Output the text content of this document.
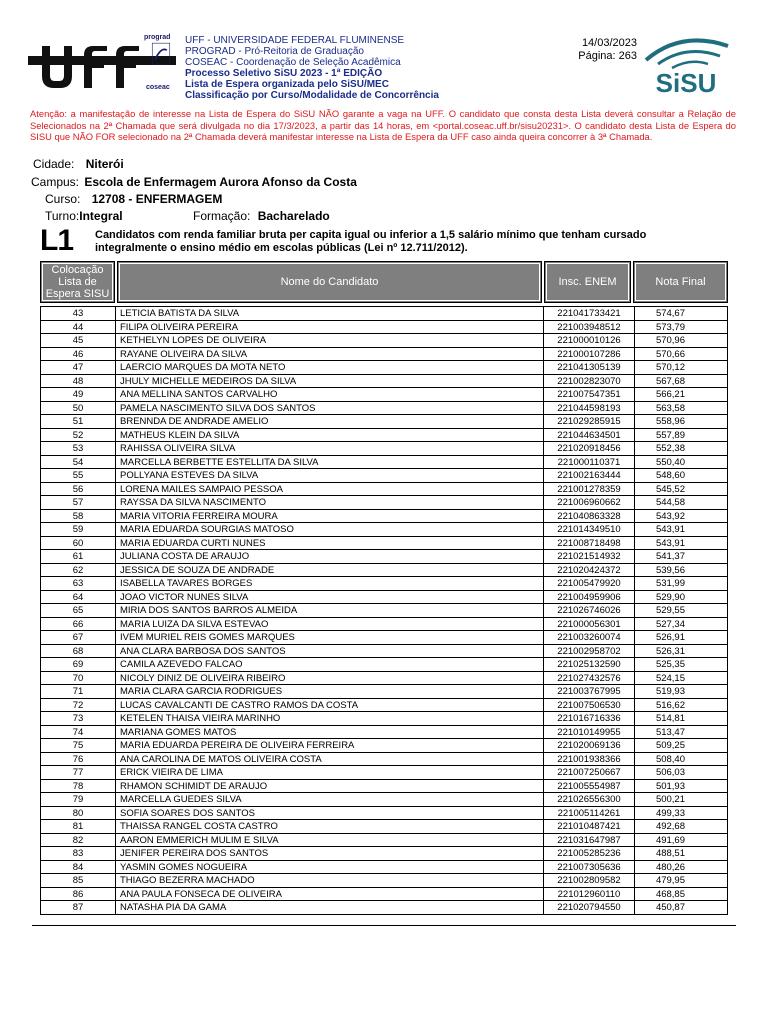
uff
prograd
coseac
UFF - UNIVERSIDADE FEDERAL FLUMINENSE
PROGRAD - Pró-Reitoria de Graduação
COSEAC - Coordenação de Seleção Acadêmica
Processo Seletivo SiSU 2023 - 1ª EDIÇÃO
Lista de Espera organizada pelo SiSU/MEC
Classificação por Curso/Modalidade de Concorrência
14/03/2023
Página: 263
SiSU
Atenção: a manifestação de interesse na Lista de Espera do SiSU NÃO garante a vaga na UFF. O candidato que consta desta Lista deverá consultar a Relação de Selecionados na 2ª Chamada que será divulgada no dia 17/3/2023, a partir das 14 horas, em <portal.coseac.uff.br/sisu20231>. O candidato desta Lista de Espera do SISU que NÃO FOR selecionado na 2ª Chamada deverá manifestar interesse na Lista de Espera da UFF caso ainda queira concorrer à 3ª Chamada.
Cidade: Niterói
Campus: Escola de Enfermagem Aurora Afonso da Costa
Curso: 12708 - ENFERMAGEM
Turno:Integral	Formação: Bacharelado
L1 Candidatos com renda familiar bruta per capita igual ou inferior a 1,5 salário mínimo que tenham cursado integralmente o ensino médio em escolas públicas (Lei nº 12.711/2012).
Colocação Lista de Espera SISU
Nome do Candidato	Insc. ENEM	Nota Final
43	LETICIA BATISTA DA SILVA	221041733421	574,67
44	FILIPA OLIVEIRA PEREIRA	221003948512	573,79
45	KETHELYN LOPES DE OLIVEIRA	221000010126	570,96
46	RAYANE OLIVEIRA DA SILVA	221000107286	570,66
47	LAERCIO MARQUES DA MOTA NETO	221041305139	570,12
48	JHULY MICHELLE MEDEIROS DA SILVA	221002823070	567,68
49	ANA MELLINA SANTOS CARVALHO	221007547351	566,21
50	PAMELA NASCIMENTO SILVA DOS SANTOS	221044598193	563,58
51	BRENNDA DE ANDRADE AMELIO	221029285915	558,96
52	MATHEUS KLEIN DA SILVA	221044634501	557,89
53	RAHISSA OLIVEIRA SILVA	221020918456	552,38
54	MARCELLA BERBETTE ESTELLITA DA SILVA	221000110371	550,40
55	POLLYANA ESTEVES DA SILVA	221002163444	548,60
56	LORENA MAILES SAMPAIO PESSOA	221001278359	545,52
57	RAYSSA DA SILVA NASCIMENTO	221006960662	544,58
58	MARIA VITORIA FERREIRA MOURA	221040863328	543,92
59	MARIA EDUARDA SOURGIAS MATOSO	221014349510	543,91
60	MARIA EDUARDA CURTI NUNES	221008718498	543,91
61	JULIANA COSTA DE ARAUJO	221021514932	541,37
62	JESSICA DE SOUZA DE ANDRADE	221020424372	539,56
63	ISABELLA TAVARES BORGES	221005479920	531,99
64	JOAO VICTOR NUNES SILVA	221004959906	529,90
65	MIRIA DOS SANTOS BARROS ALMEIDA	221026746026	529,55
66	MARIA LUIZA DA SILVA ESTEVAO	221000056301	527,34
67	IVEM MURIEL REIS GOMES MARQUES	221003260074	526,91
68	ANA CLARA BARBOSA DOS SANTOS	221002958702	526,31
69	CAMILA AZEVEDO FALCAO	221025132590	525,35
70	NICOLY DINIZ DE OLIVEIRA RIBEIRO	221027432576	524,15
71	MARIA CLARA GARCIA RODRIGUES	221003767995	519,93
72	LUCAS CAVALCANTI DE CASTRO RAMOS DA COSTA	221007506530	516,62
73	KETELEN THAISA VIEIRA MARINHO	221016716336	514,81
74	MARIANA GOMES MATOS	221010149955	513,47
75	MARIA EDUARDA PEREIRA DE OLIVEIRA FERREIRA	221020069136	509,25
76	ANA CAROLINA DE MATOS OLIVEIRA COSTA	221001938366	508,40
77	ERICK VIEIRA DE LIMA	221007250667	506,03
78	RHAMON SCHIMIDT DE ARAUJO	221005554987	501,93
79	MARCELLA GUEDES SILVA	221026556300	500,21
80	SOFIA SOARES DOS SANTOS	221005114261	499,33
81	THAISSA RANGEL COSTA CASTRO	221010487421	492,68
82	AARON EMMERICH MULIM E SILVA	221031647987	491,69
83	JENIFER PEREIRA DOS SANTOS	221005285236	488,51
84	YASMIN GOMES NOGUEIRA	221007305636	480,26
85	THIAGO BEZERRA MACHADO	221002809582	479,95
86	ANA PAULA FONSECA DE OLIVEIRA	221012960110	468,85
87	NATASHA PIA DA GAMA	221020794550	450,87
